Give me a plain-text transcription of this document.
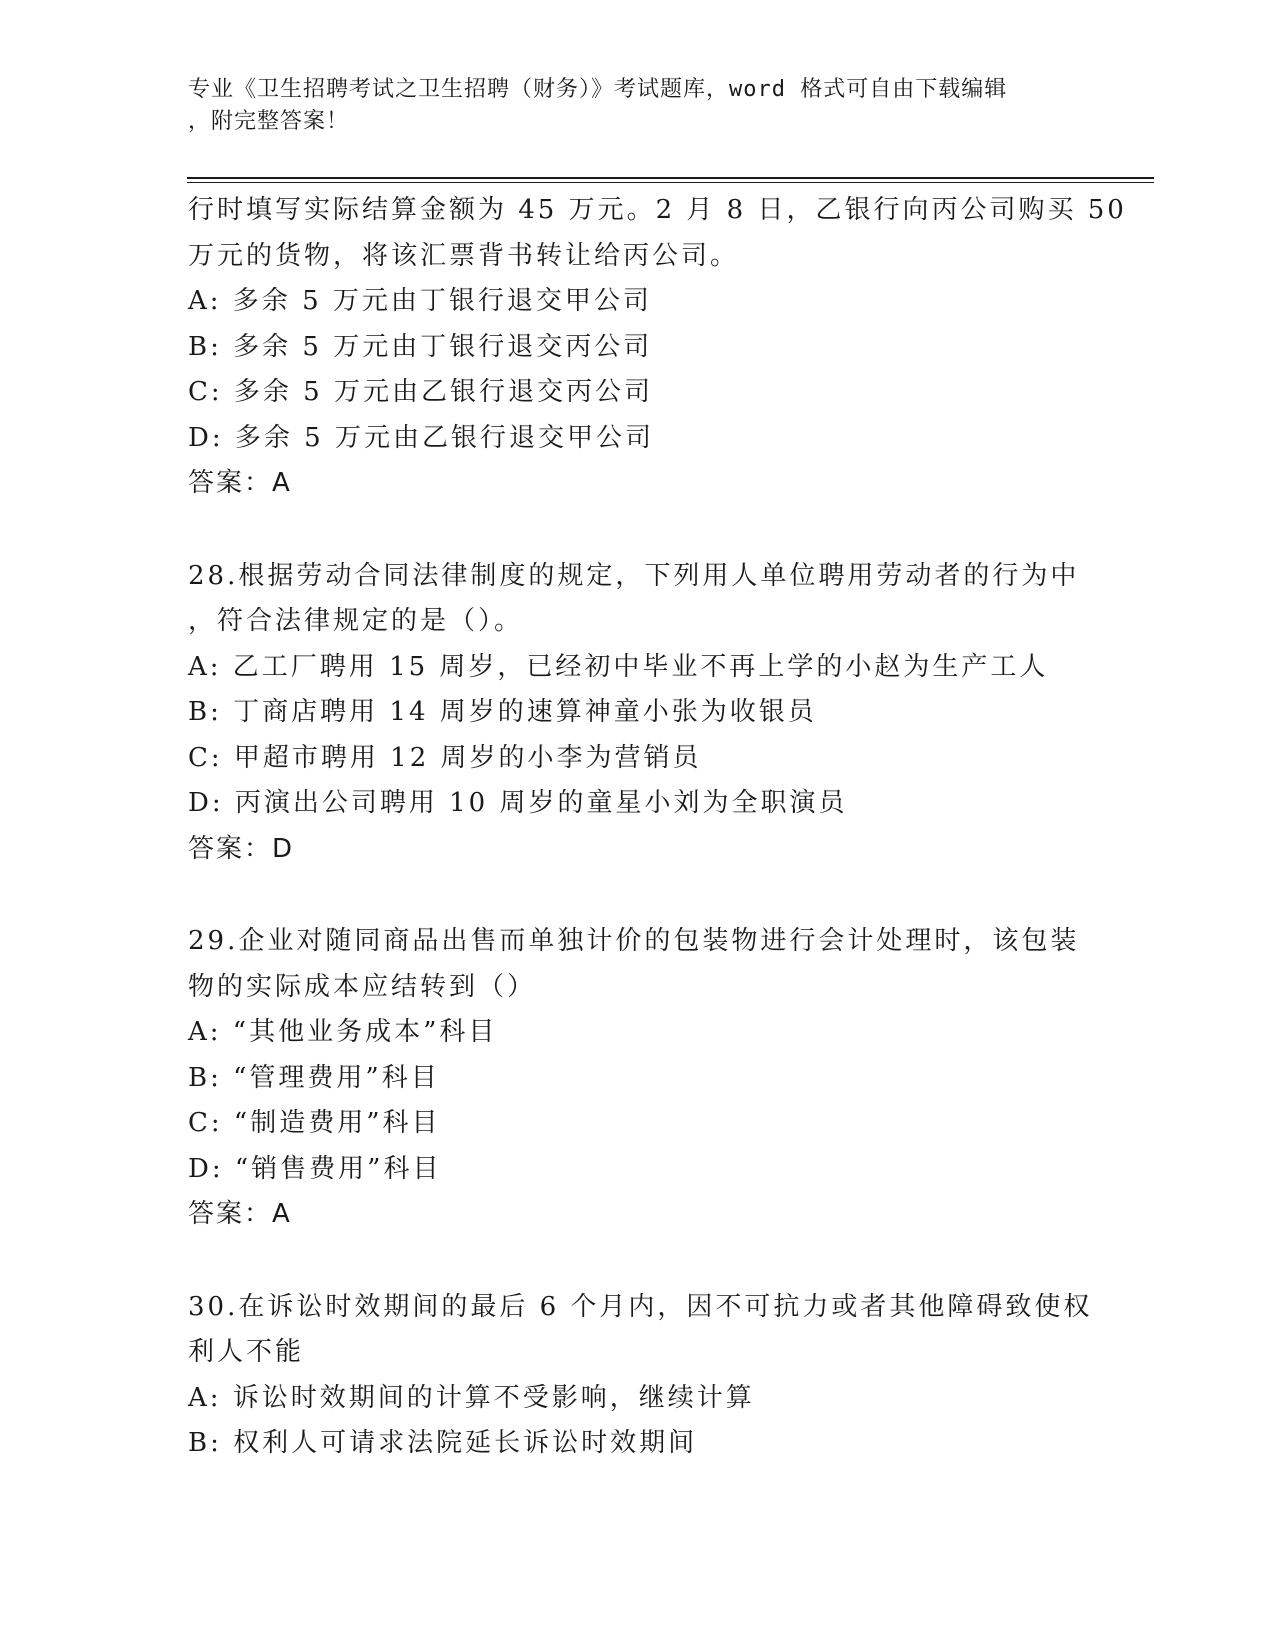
专业《卫生招聘考试之卫生招聘（财务）》考试题库，word 格式可自由下载编辑
，附完整答案！
行时填写实际结算金额为 45 万元。2 月 8 日，乙银行向丙公司购买 50
万元的货物，将该汇票背书转让给丙公司。
A: 多余 5 万元由丁银行退交甲公司
B: 多余 5 万元由丁银行退交丙公司
C: 多余 5 万元由乙银行退交丙公司
D: 多余 5 万元由乙银行退交甲公司
答案：A
28.根据劳动合同法律制度的规定，下列用人单位聘用劳动者的行为中
，符合法律规定的是（）。
A: 乙工厂聘用 15 周岁，已经初中毕业不再上学的小赵为生产工人
B: 丁商店聘用 14 周岁的速算神童小张为收银员
C: 甲超市聘用 12 周岁的小李为营销员
D: 丙演出公司聘用 10 周岁的童星小刘为全职演员
答案：D
29.企业对随同商品出售而单独计价的包装物进行会计处理时，该包装
物的实际成本应结转到（）
A: “其他业务成本”科目
B: “管理费用”科目
C: “制造费用”科目
D: “销售费用”科目
答案：A
30.在诉讼时效期间的最后 6 个月内，因不可抗力或者其他障碍致使权
利人不能
A: 诉讼时效期间的计算不受影响，继续计算
B: 权利人可请求法院延长诉讼时效期间
